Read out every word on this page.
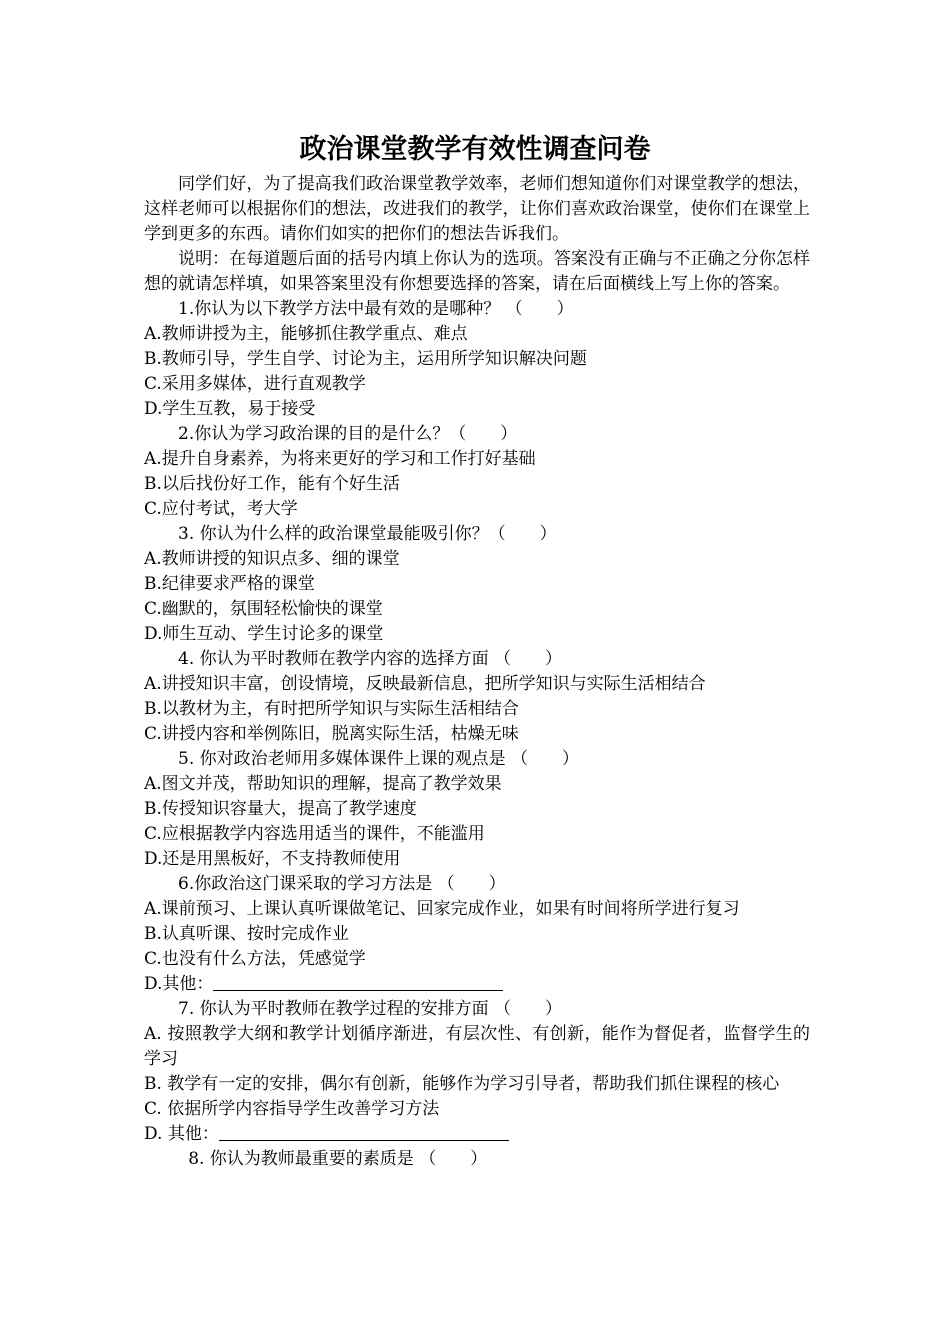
政治课堂教学有效性调查问卷

同学们好，为了提高我们政治课堂教学效率，老师们想知道你们对课堂教学的想法，这样老师可以根据你们的想法，改进我们的教学，让你们喜欢政治课堂，使你们在课堂上学到更多的东西。请你们如实的把你们的想法告诉我们。

说明：在每道题后面的括号内填上你认为的选项。答案没有正确与不正确之分你怎样想的就请怎样填，如果答案里没有你想要选择的答案，请在后面横线上写上你的答案。

1.你认为以下教学方法中最有效的是哪种？ （　　）

A.教师讲授为主，能够抓住教学重点、难点

B.教师引导，学生自学、讨论为主，运用所学知识解决问题

C.采用多媒体，进行直观教学

D.学生互教，易于接受

2.你认为学习政治课的目的是什么？（　　）

A.提升自身素养，为将来更好的学习和工作打好基础

B.以后找份好工作，能有个好生活

C.应付考试，考大学

3. 你认为什么样的政治课堂最能吸引你？（　　）

A.教师讲授的知识点多、细的课堂

B.纪律要求严格的课堂

C.幽默的，氛围轻松愉快的课堂

D.师生互动、学生讨论多的课堂

4. 你认为平时教师在教学内容的选择方面 （　　）

A.讲授知识丰富，创设情境，反映最新信息，把所学知识与实际生活相结合

B.以教材为主，有时把所学知识与实际生活相结合

C.讲授内容和举例陈旧，脱离实际生活，枯燥无味

5. 你对政治老师用多媒体课件上课的观点是 （　　）

A.图文并茂，帮助知识的理解，提高了教学效果

B.传授知识容量大，提高了教学速度

C.应根据教学内容选用适当的课件，不能滥用

D.还是用黑板好，不支持教师使用

6.你政治这门课采取的学习方法是 （　　）

A.课前预习、上课认真听课做笔记、回家完成作业，如果有时间将所学进行复习

B.认真听课、按时完成作业

C.也没有什么方法，凭感觉学

D.其他：

7. 你认为平时教师在教学过程的安排方面 （　　）

A. 按照教学大纲和教学计划循序渐进，有层次性、有创新，能作为督促者，监督学生的学习

B. 教学有一定的安排，偶尔有创新，能够作为学习引导者，帮助我们抓住课程的核心

C. 依据所学内容指导学生改善学习方法

D. 其他：

8. 你认为教师最重要的素质是 （　　）
